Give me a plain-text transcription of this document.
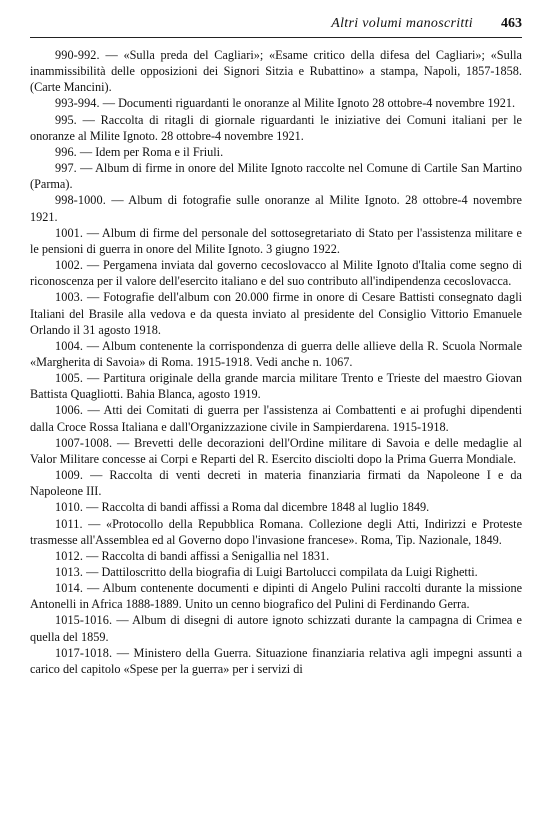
Altri volumi manoscritti 463

990-992. — «Sulla preda del Cagliari»; «Esame critico della difesa del Cagliari»; «Sulla inammissibilità delle opposizioni dei Signori Sitzia e Rubattino» a stampa, Napoli, 1857-1858. (Carte Mancini).

993-994. — Documenti riguardanti le onoranze al Milite Ignoto 28 ottobre-4 novembre 1921.

995. — Raccolta di ritagli di giornale riguardanti le iniziative dei Comuni italiani per le onoranze al Milite Ignoto. 28 ottobre-4 novembre 1921.

996. — Idem per Roma e il Friuli.

997. — Album di firme in onore del Milite Ignoto raccolte nel Comune di Cartile San Martino (Parma).

998-1000. — Album di fotografie sulle onoranze al Milite Ignoto. 28 ottobre-4 novembre 1921.

1001. — Album di firme del personale del sottosegretariato di Stato per l'assistenza militare e le pensioni di guerra in onore del Milite Ignoto. 3 giugno 1922.

1002. — Pergamena inviata dal governo cecoslovacco al Milite Ignoto d'Italia come segno di riconoscenza per il valore dell'esercito italiano e del suo contributo all'indipendenza cecoslovacca.

1003. — Fotografie dell'album con 20.000 firme in onore di Cesare Battisti consegnato dagli Italiani del Brasile alla vedova e da questa inviato al presidente del Consiglio Vittorio Emanuele Orlando il 31 agosto 1918.

1004. — Album contenente la corrispondenza di guerra delle allieve della R. Scuola Normale «Margherita di Savoia» di Roma. 1915-1918. Vedi anche n. 1067.

1005. — Partitura originale della grande marcia militare Trento e Trieste del maestro Giovan Battista Quagliotti. Bahia Blanca, agosto 1919.

1006. — Atti dei Comitati di guerra per l'assistenza ai Combattenti e ai profughi dipendenti dalla Croce Rossa Italiana e dall'Organizzazione civile in Sampierdarena. 1915-1918.

1007-1008. — Brevetti delle decorazioni dell'Ordine militare di Savoia e delle medaglie al Valor Militare concesse ai Corpi e Reparti del R. Esercito disciolti dopo la Prima Guerra Mondiale.

1009. — Raccolta di venti decreti in materia finanziaria firmati da Napoleone I e da Napoleone III.

1010. — Raccolta di bandi affissi a Roma dal dicembre 1848 al luglio 1849.

1011. — «Protocollo della Repubblica Romana. Collezione degli Atti, Indirizzi e Proteste trasmesse all'Assemblea ed al Governo dopo l'invasione francese». Roma, Tip. Nazionale, 1849.

1012. — Raccolta di bandi affissi a Senigallia nel 1831.

1013. — Dattiloscritto della biografia di Luigi Bartolucci compilata da Luigi Righetti.

1014. — Album contenente documenti e dipinti di Angelo Pulini raccolti durante la missione Antonelli in Africa 1888-1889. Unito un cenno biografico del Pulini di Ferdinando Gerra.

1015-1016. — Album di disegni di autore ignoto schizzati durante la campagna di Crimea e quella del 1859.

1017-1018. — Ministero della Guerra. Situazione finanziaria relativa agli impegni assunti a carico del capitolo «Spese per la guerra» per i servizi di
